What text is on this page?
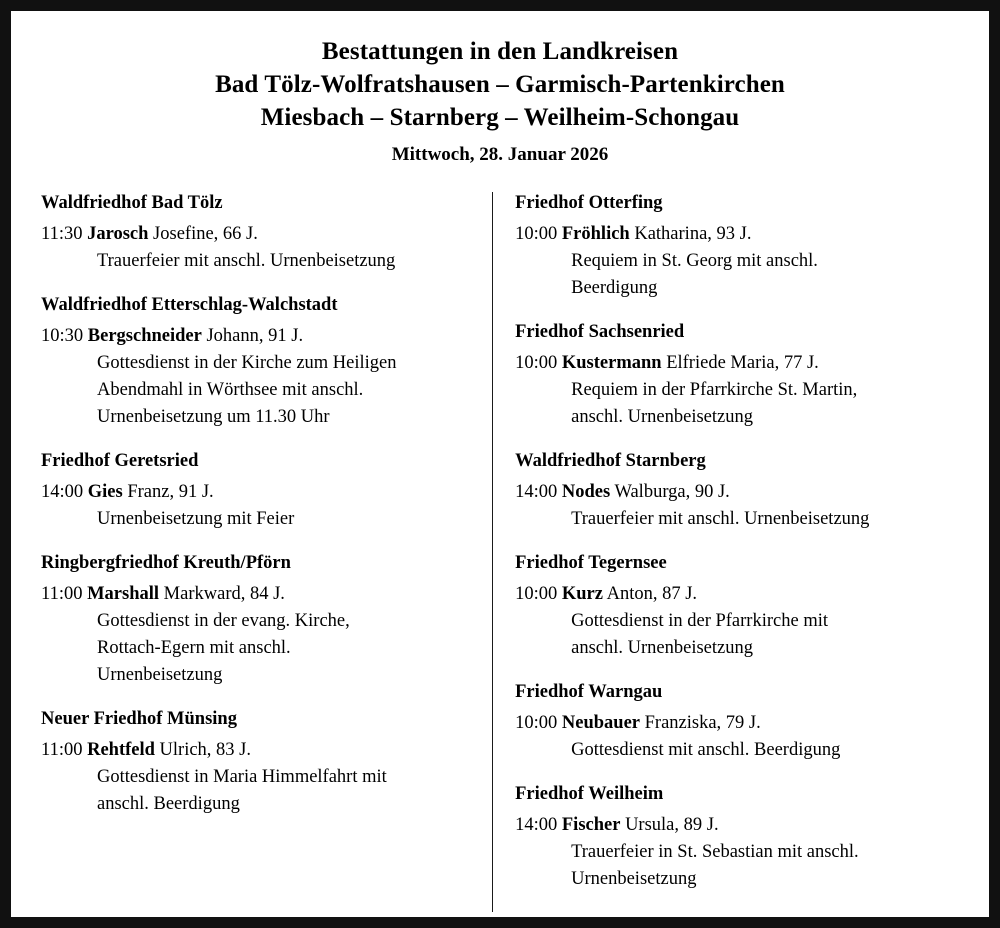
Bestattungen in den Landkreisen
Bad Tölz-Wolfratshausen – Garmisch-Partenkirchen
Miesbach – Starnberg – Weilheim-Schongau
Mittwoch, 28. Januar 2026
Waldfriedhof Bad Tölz
11:30 Jarosch Josefine, 66 J.
Trauerfeier mit anschl. Urnenbeisetzung
Waldfriedhof Etterschlag-Walchstadt
10:30 Bergschneider Johann, 91 J.
Gottesdienst in der Kirche zum Heiligen
Abendmahl in Wörthsee mit anschl.
Urnenbeisetzung um 11.30 Uhr
Friedhof Geretsried
14:00 Gies Franz, 91 J.
Urnenbeisetzung mit Feier
Ringbergfriedhof Kreuth/Pförn
11:00 Marshall Markward, 84 J.
Gottesdienst in der evang. Kirche,
Rottach-Egern mit anschl.
Urnenbeisetzung
Neuer Friedhof Münsing
11:00 Rehtfeld Ulrich, 83 J.
Gottesdienst in Maria Himmelfahrt mit
anschl. Beerdigung
Friedhof Otterfing
10:00 Fröhlich Katharina, 93 J.
Requiem in St. Georg mit anschl.
Beerdigung
Friedhof Sachsenried
10:00 Kustermann Elfriede Maria, 77 J.
Requiem in der Pfarrkirche St. Martin,
anschl. Urnenbeisetzung
Waldfriedhof Starnberg
14:00 Nodes Walburga, 90 J.
Trauerfeier mit anschl. Urnenbeisetzung
Friedhof Tegernsee
10:00 Kurz Anton, 87 J.
Gottesdienst in der Pfarrkirche mit
anschl. Urnenbeisetzung
Friedhof Warngau
10:00 Neubauer Franziska, 79 J.
Gottesdienst mit anschl. Beerdigung
Friedhof Weilheim
14:00 Fischer Ursula, 89 J.
Trauerfeier in St. Sebastian mit anschl.
Urnenbeisetzung
